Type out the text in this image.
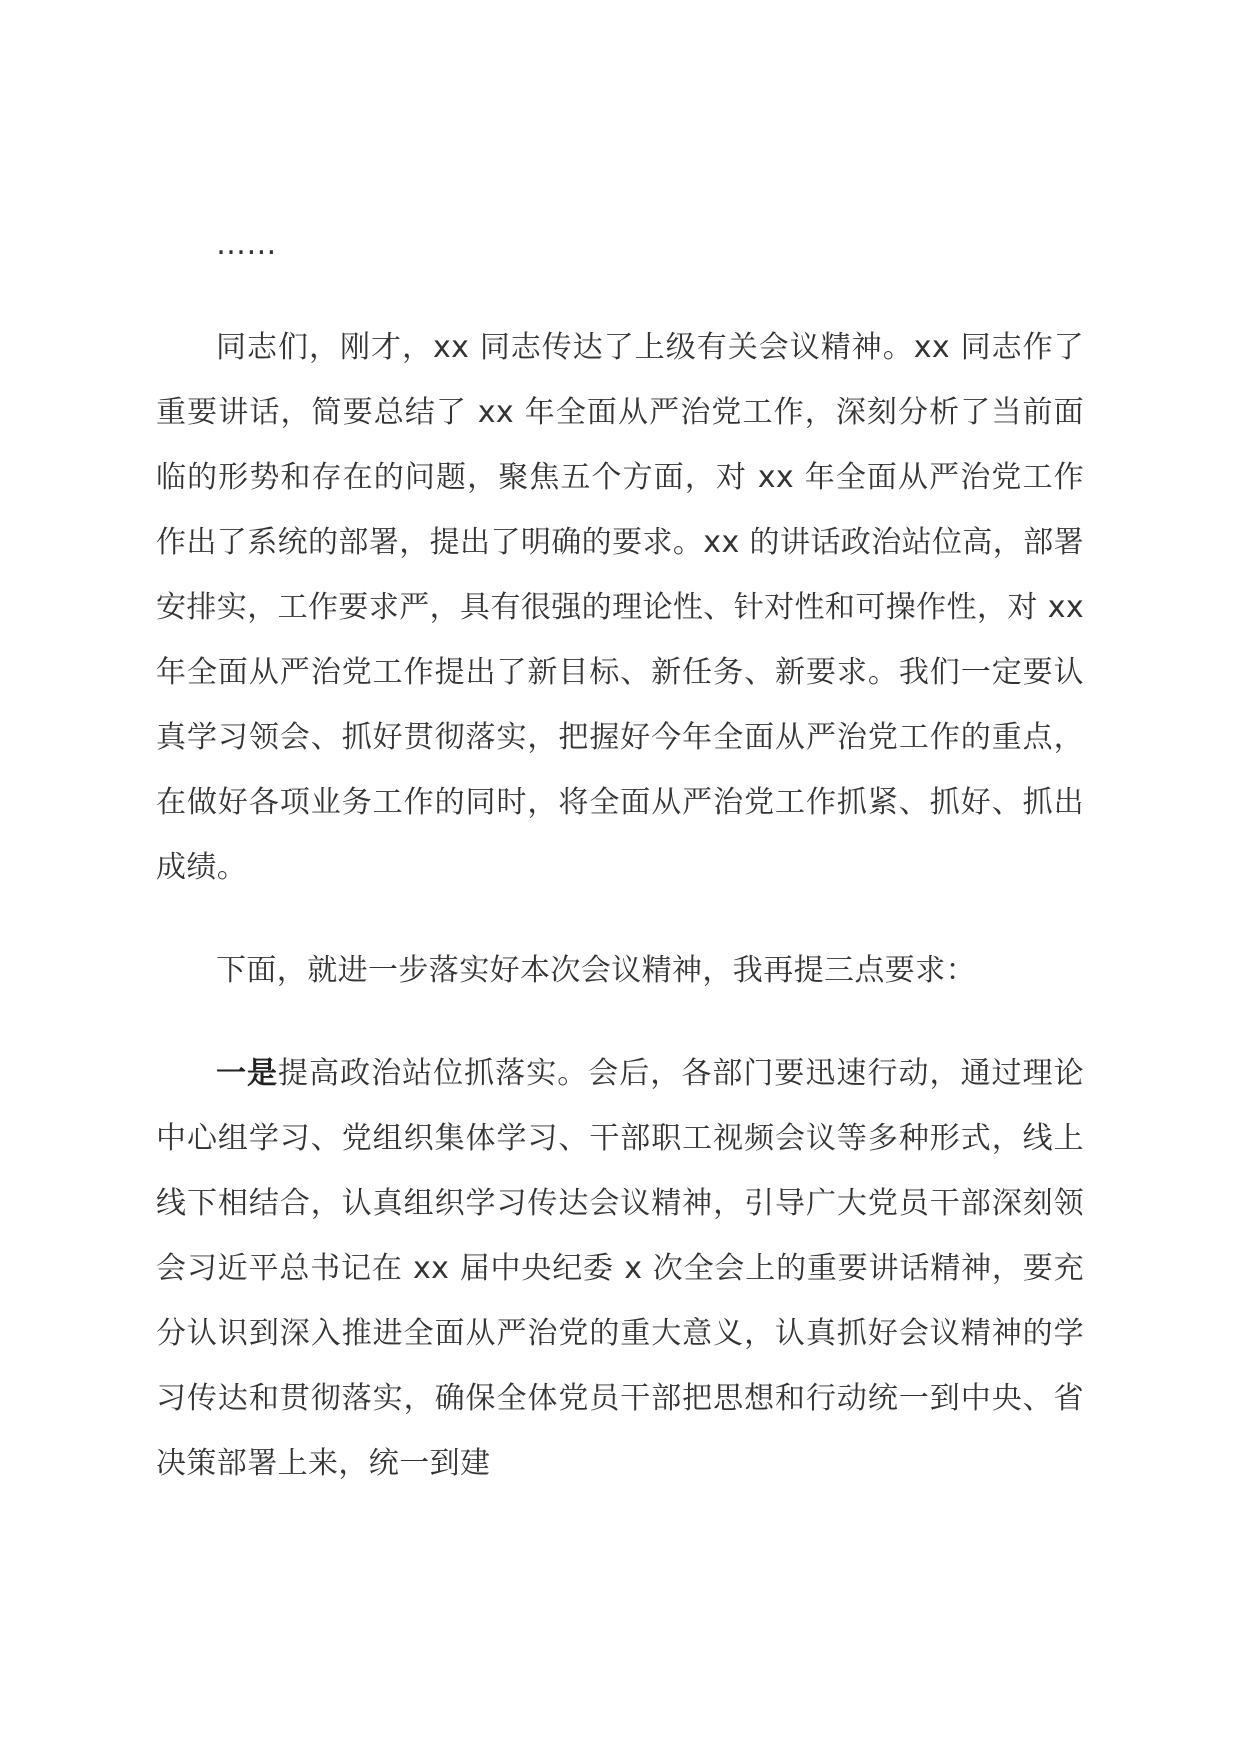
……

同志们，刚才，xx 同志传达了上级有关会议精神。xx 同志作了重要讲话，简要总结了 xx 年全面从严治党工作，深刻分析了当前面临的形势和存在的问题，聚焦五个方面，对 xx 年全面从严治党工作作出了系统的部署，提出了明确的要求。xx 的讲话政治站位高，部署安排实，工作要求严，具有很强的理论性、针对性和可操作性，对 xx 年全面从严治党工作提出了新目标、新任务、新要求。我们一定要认真学习领会、抓好贯彻落实，把握好今年全面从严治党工作的重点，在做好各项业务工作的同时，将全面从严治党工作抓紧、抓好、抓出成绩。

下面，就进一步落实好本次会议精神，我再提三点要求：

一是提高政治站位抓落实。会后，各部门要迅速行动，通过理论中心组学习、党组织集体学习、干部职工视频会议等多种形式，线上线下相结合，认真组织学习传达会议精神，引导广大党员干部深刻领会习近平总书记在 xx 届中央纪委 x 次全会上的重要讲话精神，要充分认识到深入推进全面从严治党的重大意义，认真抓好会议精神的学习传达和贯彻落实，确保全体党员干部把思想和行动统一到中央、省决策部署上来，统一到建
